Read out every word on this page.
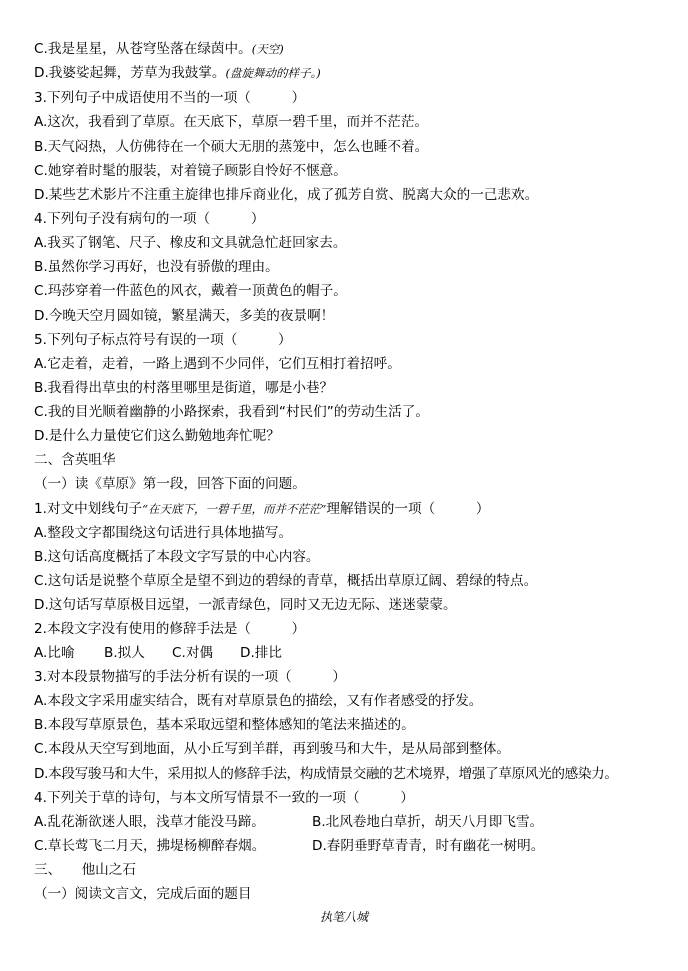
C.我是星星，从苍穹坠落在绿茵中。(天空)
D.我婆娑起舞，芳草为我鼓掌。(盘旋舞动的样子。)
3.下列句子中成语使用不当的一项（　　　）
A.这次，我看到了草原。在天底下，草原一碧千里，而并不茫茫。
B.天气闷热，人仿佛待在一个硕大无朋的蒸笼中，怎么也睡不着。
C.她穿着时髦的服装，对着镜子顾影自怜好不惬意。
D.某些艺术影片不注重主旋律也排斥商业化，成了孤芳自赏、脱离大众的一己悲欢。
4.下列句子没有病句的一项（　　　）
A.我买了钢笔、尺子、橡皮和文具就急忙赶回家去。
B.虽然你学习再好，也没有骄傲的理由。
C.玛莎穿着一件蓝色的风衣，戴着一顶黄色的帽子。
D.今晚天空月圆如镜，繁星满天，多美的夜景啊！
5.下列句子标点符号有误的一项（　　　）
A.它走着，走着，一路上遇到不少同伴，它们互相打着招呼。
B.我看得出草虫的村落里哪里是街道，哪是小巷？
C.我的目光顺着幽静的小路探索，我看到“村民们”的劳动生活了。
D.是什么力量使它们这么勤勉地奔忙呢？
二、含英咀华
（一）读《草原》第一段，回答下面的问题。
1.对文中划线句子“在天底下，一碧千里，而并不茫茫”理解错误的一项（　　　）
A.整段文字都围绕这句话进行具体地描写。
B.这句话高度概括了本段文字写景的中心内容。
C.这句话是说整个草原全是望不到边的碧绿的青草，概括出草原辽阔、碧绿的特点。
D.这句话写草原极目远望，一派青绿色，同时又无边无际、迷迷蒙蒙。
2.本段文字没有使用的修辞手法是（　　　）
A.比喻 B.拟人 C.对偶 D.排比
3.对本段景物描写的手法分析有误的一项（　　　）
A.本段文字采用虚实结合，既有对草原景色的描绘，又有作者感受的抒发。
B.本段写草原景色，基本采取远望和整体感知的笔法来描述的。
C.本段从天空写到地面，从小丘写到羊群，再到骏马和大牛，是从局部到整体。
D.本段写骏马和大牛，采用拟人的修辞手法，构成情景交融的艺术境界，增强了草原风光的感染力。
4.下列关于草的诗句，与本文所写情景不一致的一项（　　　）
A.乱花渐欲迷人眼，浅草才能没马蹄。	B.北风卷地白草折，胡天八月即飞雪。
C.草长莺飞二月天，拂堤杨柳醉春烟。	D.春阴垂野草青青，时有幽花一树明。
三、　　他山之石
（一）阅读文言文，完成后面的题目
执笔八城
